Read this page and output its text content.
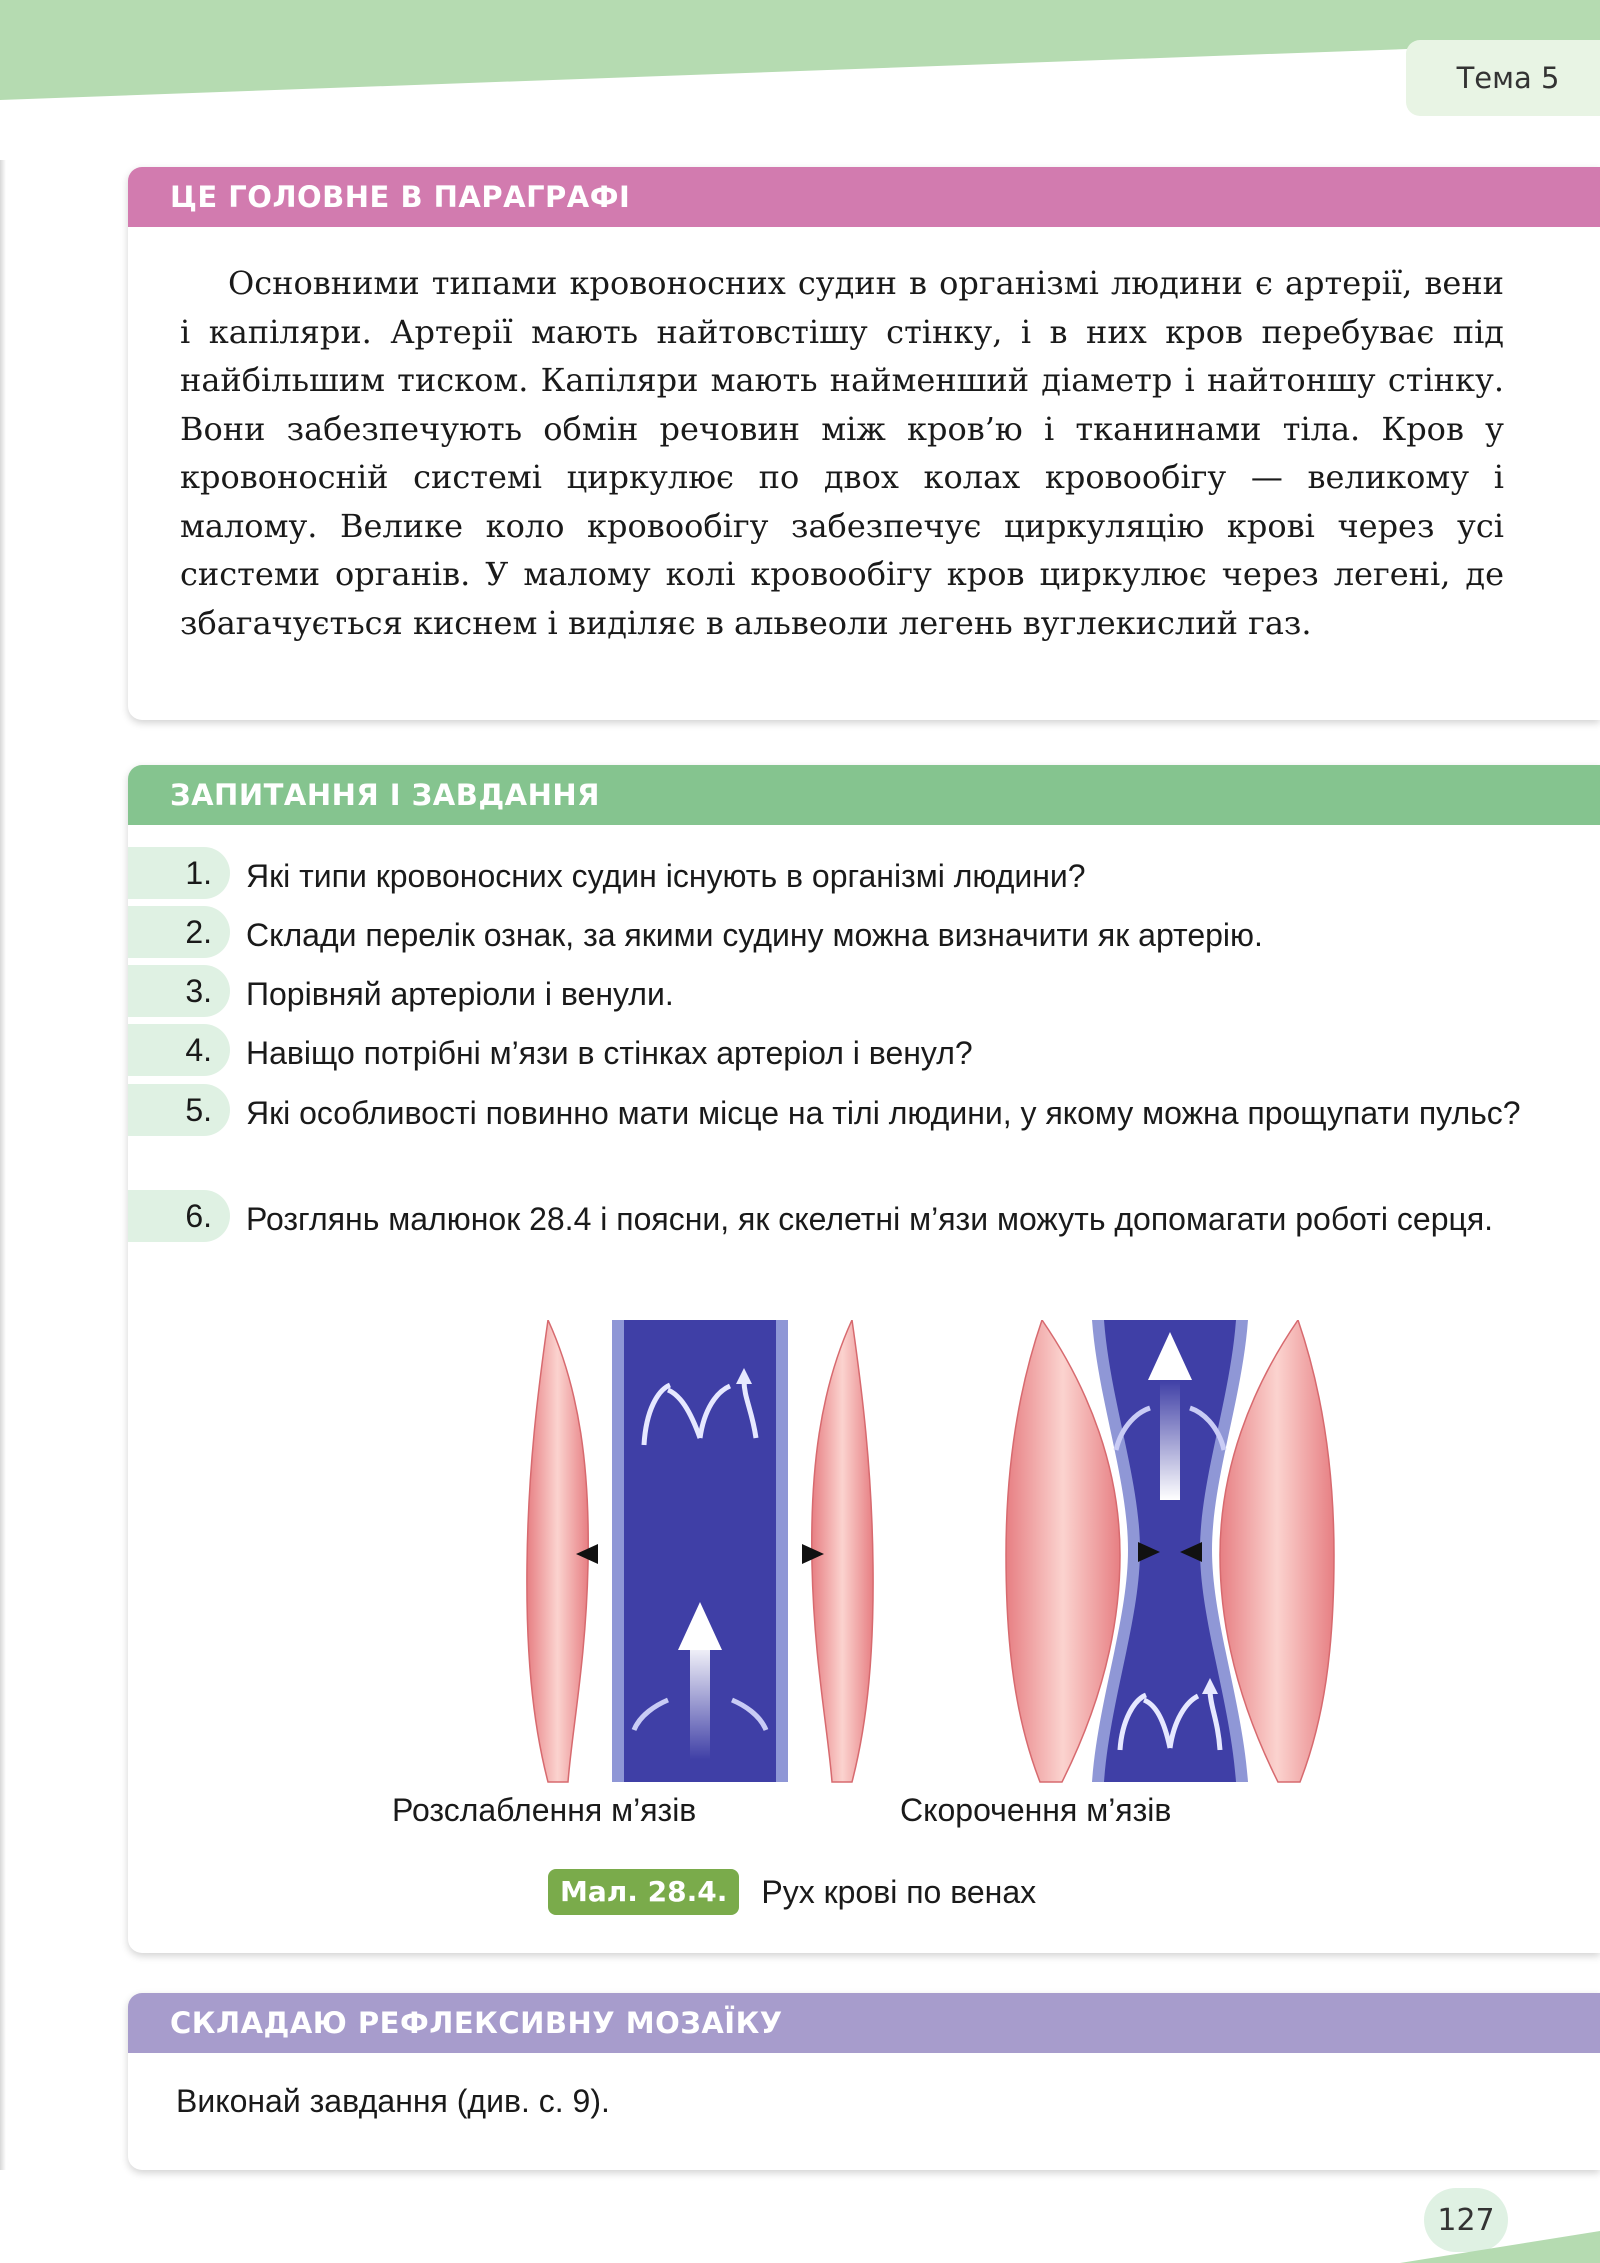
Тема 5
ЦЕ ГОЛОВНЕ В ПАРАГРАФІ
Основними типами кровоносних судин в організмі людини є артерії, вени і капіляри. Артерії мають найтовстішу стінку, і в них кров перебуває під найбільшим тиском. Капіляри мають найменший діаметр і найтоншу стінку. Вони забезпечують обмін речовин між кров’ю і тканинами тіла. Кров у кровоносній системі циркулює по двох колах кровообігу — великому і малому. Велике коло кровообігу забезпечує циркуляцію крові через усі системи органів. У малому колі кровообігу кров циркулює через легені, де збагачується киснем і виділяє в альвеоли легень вуглекислий газ.
ЗАПИТАННЯ І ЗАВДАННЯ
1. Які типи кровоносних судин існують в організмі людини?
2. Склади перелік ознак, за якими судину можна визначити як артерію.
3. Порівняй артеріоли і венули.
4. Навіщо потрібні м’язи в стінках артеріол і венул?
5. Які особливості повинно мати місце на тілі людини, у якому можна прощупати пульс?
6. Розглянь малюнок 28.4 і поясни, як скелетні м’язи можуть допомагати роботі серця.
Розслаблення м’язів	Скорочення м’язів
Мал. 28.4.	Рух крові по венах
СКЛАДАЮ РЕФЛЕКСИВНУ МОЗАЇКУ
Виконай завдання (див. с. 9).
127
